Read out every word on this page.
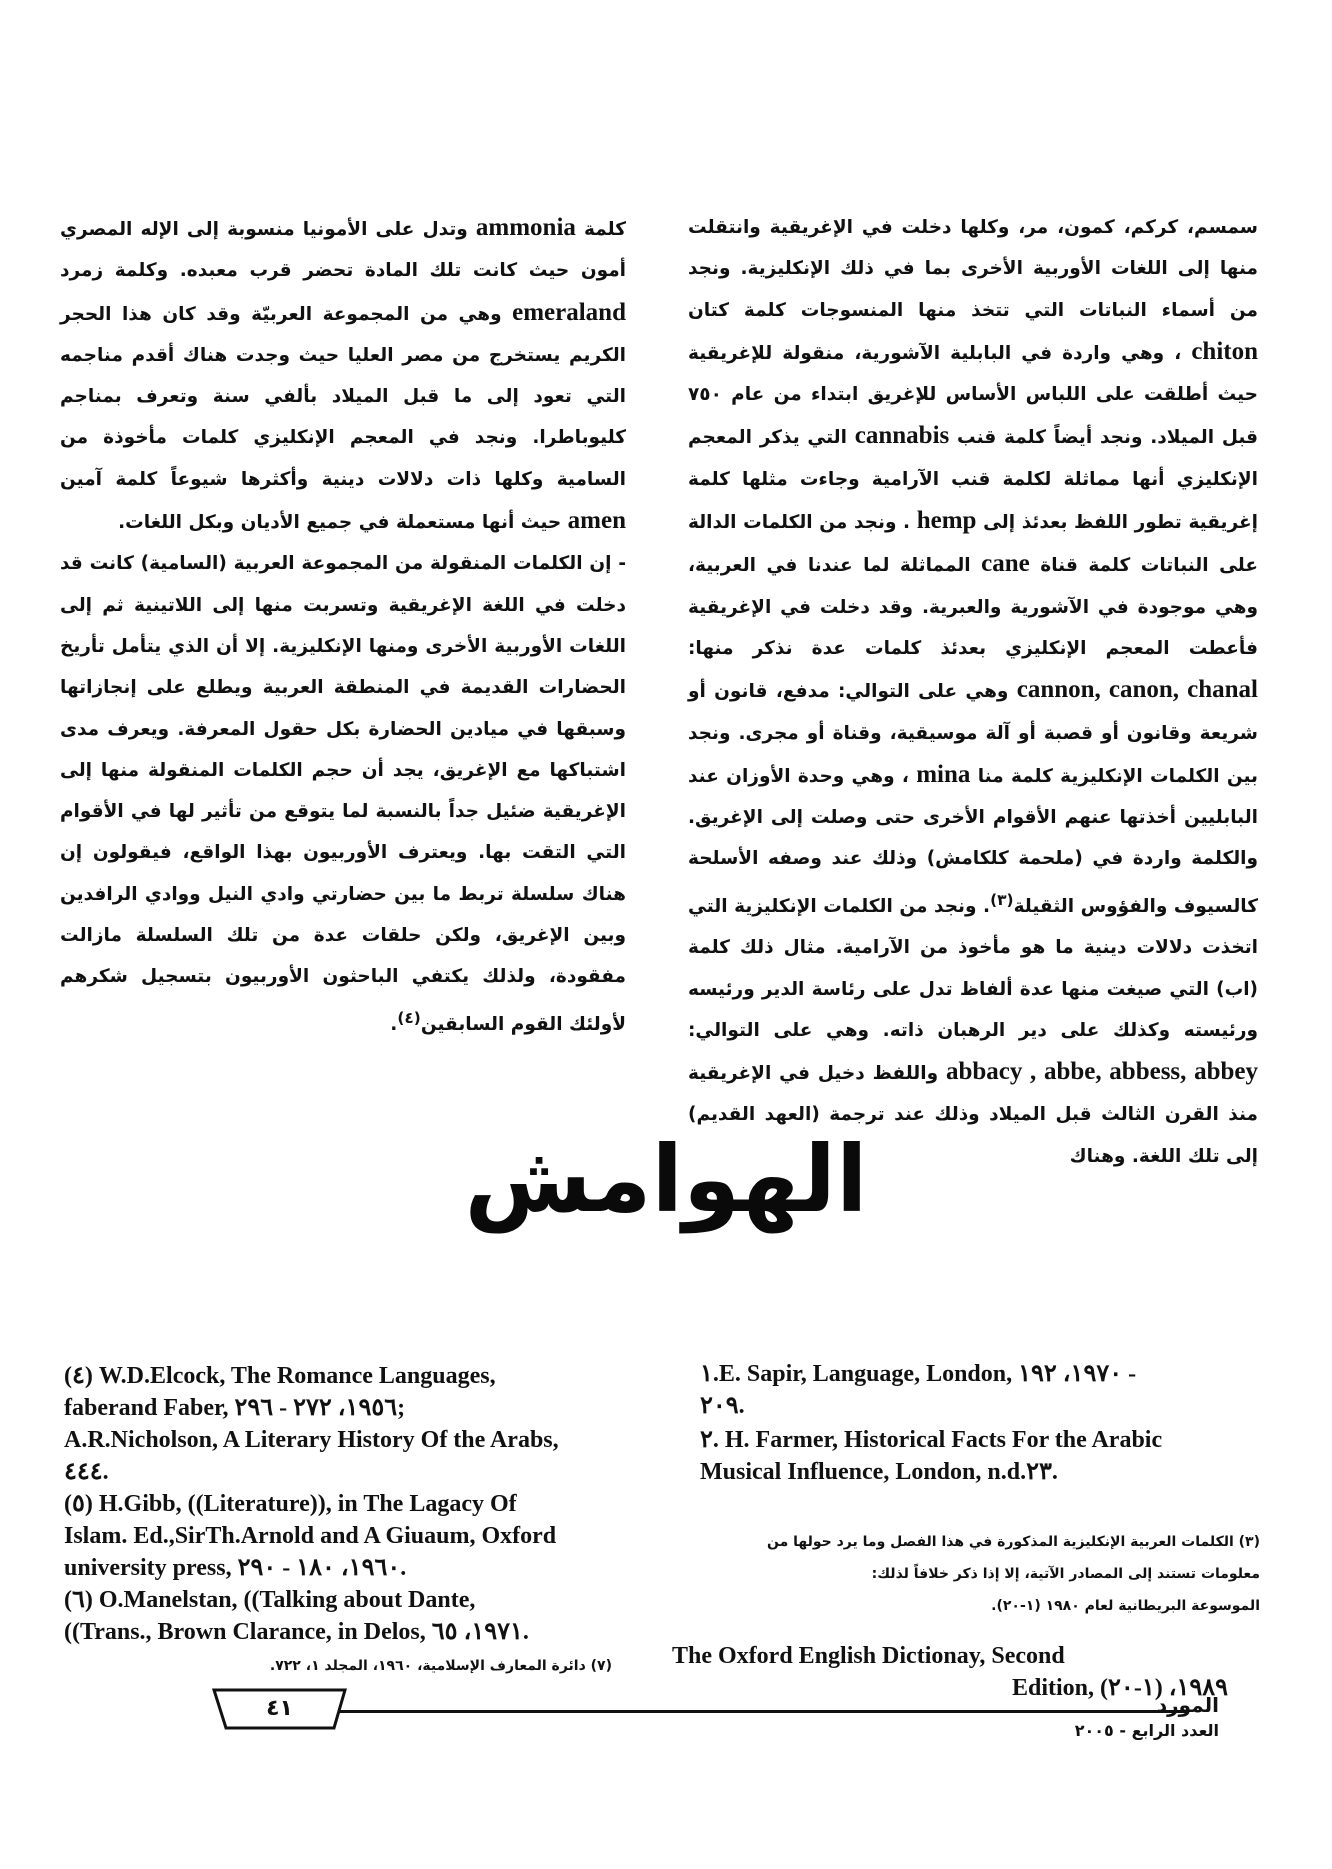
سمسم، كركم، كمون، مر، وكلها دخلت في الإغريقية وانتقلت منها إلى اللغات الأوربية الأخرى بما في ذلك الإنكليزية. ونجد من أسماء النباتات التي تتخذ منها المنسوجات كلمة كتان chiton ، وهي واردة في البابلية الآشورية، منقولة للإغريقية حيث أطلقت على اللباس الأساس للإغريق ابتداء من عام ٧٥٠ قبل الميلاد. ونجد أيضاً كلمة قنب cannabis التي يذكر المعجم الإنكليزي أنها مماثلة لكلمة قنب الآرامية وجاءت مثلها كلمة إغريقية تطور اللفظ بعدئذ إلى hemp . ونجد من الكلمات الدالة على النباتات كلمة قناة cane المماثلة لما عندنا في العربية، وهي موجودة في الآشورية والعبرية. وقد دخلت في الإغريقية فأعطت المعجم الإنكليزي بعدئذ كلمات عدة نذكر منها: cannon, canon, chanal وهي على التوالي: مدفع، قانون أو شريعة وقانون أو قصبة أو آلة موسيقية، وقناة أو مجرى. ونجد بين الكلمات الإنكليزية كلمة منا mina ، وهي وحدة الأوزان عند البابليين أخذتها عنهم الأقوام الأخرى حتى وصلت إلى الإغريق. والكلمة واردة في (ملحمة كلكامش) وذلك عند وصفه الأسلحة كالسيوف والفؤوس الثقيلة$^{(٣)}$. ونجد من الكلمات الإنكليزية التي اتخذت دلالات دينية ما هو مأخوذ من الآرامية. مثال ذلك كلمة (اب) التي صيغت منها عدة ألفاظ تدل على رئاسة الدير ورئيسه ورئيسته وكذلك على دير الرهبان ذاته. وهي على التوالي: abbacy , abbe, abbess, abbey واللفظ دخيل في الإغريقية منذ القرن الثالث قبل الميلاد وذلك عند ترجمة (العهد القديم) إلى تلك اللغة. وهناك

كلمة ammonia وتدل على الأمونيا منسوبة إلى الإله المصري أمون حيث كانت تلك المادة تحضر قرب معبده. وكلمة زمرد emeraland وهي من المجموعة العربيّة وقد كان هذا الحجر الكريم يستخرج من مصر العليا حيث وجدت هناك أقدم مناجمه التي تعود إلى ما قبل الميلاد بألفي سنة وتعرف بمناجم كليوباطرا. ونجد في المعجم الإنكليزي كلمات مأخوذة من السامية وكلها ذات دلالات دينية وأكثرها شيوعاً كلمة آمين amen حيث أنها مستعملة في جميع الأديان وبكل اللغات.

- إن الكلمات المنقولة من المجموعة العربية (السامية) كانت قد دخلت في اللغة الإغريقية وتسربت منها إلى اللاتينية ثم إلى اللغات الأوربية الأخرى ومنها الإنكليزية. إلا أن الذي يتأمل تأريخ الحضارات القديمة في المنطقة العربية ويطلع على إنجازاتها وسبقها في ميادين الحضارة بكل حقول المعرفة. ويعرف مدى اشتباكها مع الإغريق، يجد أن حجم الكلمات المنقولة منها إلى الإغريقية ضئيل جداً بالنسبة لما يتوقع من تأثير لها في الأقوام التي التقت بها. ويعترف الأوربيون بهذا الواقع، فيقولون إن هناك سلسلة تربط ما بين حضارتي وادي النيل ووادي الرافدين وبين الإغريق، ولكن حلقات عدة من تلك السلسلة مازالت مفقودة، ولذلك يكتفي الباحثون الأوربيون بتسجيل شكرهم لأولئك القوم السابقين$^{(٤)}$.

الهوامش
١.E. Sapir, Language, London, ١٩٧٠، ١٩٢ -
٢٠٩.
٢. H. Farmer, Historical Facts For the Arabic
Musical Influence, London, n.d.٢٣.
(٣) الكلمات العربية الإنكليزية المذكورة في هذا الفصل وما يرد حولها من
معلومات تستند إلى المصادر الآتية، إلا إذا ذكر خلافاً لذلك:
الموسوعة البريطانية لعام ١٩٨٠ (١-٢٠).
The Oxford English Dictionay, Second
Edition, ١٩٨٩، (١-٢٠)
(٤) W.D.Elcock, The Romance Languages,
faberand Faber, ١٩٥٦، ٢٧٢ - ٢٩٦;
A.R.Nicholson, A Literary History Of the Arabs,
٤٤٤.
(٥) H.Gibb, ((Literature)), in The Lagacy Of
Islam. Ed.,SirTh.Arnold and A Giuaum, Oxford
university press, ١٩٦٠، ١٨٠ - ٢٩٠.
(٦) O.Manelstan, ((Talking about Dante,
((Trans., Brown Clarance, in Delos, ١٩٧١، ٦٥.
(٧) دائرة المعارف الإسلامية، ١٩٦٠، المجلد ١، ٧٢٢.
٤١	المورد
العدد الرابع - ٢٠٠٥
